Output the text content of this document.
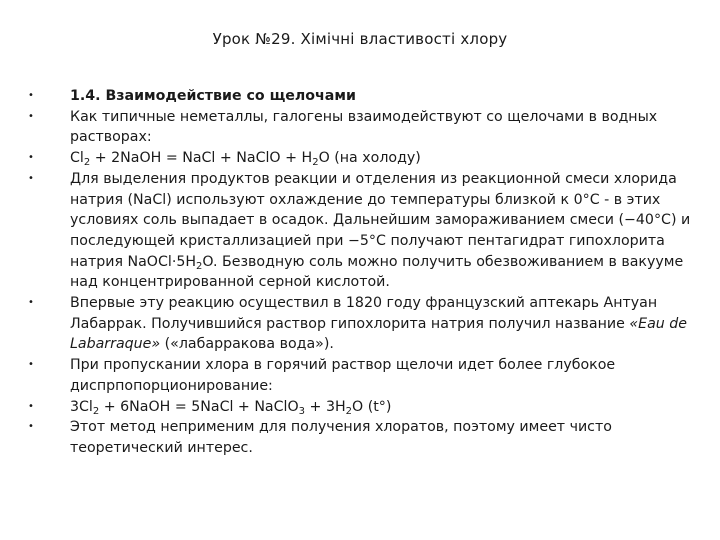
Урок №29. Хімічні властивості хлору
•	1.4. Взаимодействие со щелочами
•	Как типичные неметаллы, галогены взаимодействуют со щелочами в водных растворах:
•	$Cl_2$ + 2NaOH = NaCl + NaClO + $H_2O$ (на холоду)
•	Для выделения продуктов реакции и отделения из реакционной смеси хлорида натрия (NaCl) используют охлаждение до температуры близкой к 0°C - в этих условиях соль выпадает в осадок. Дальнейшим замораживанием смеси (−40°C) и последующей кристаллизацией при −5°C получают пентагидрат гипохлорита натрия $NaOCl\cdot 5H_2O$. Безводную соль можно получить обезвоживанием в вакууме над концентрированной серной кислотой.
•	Впервые эту реакцию осуществил в 1820 году французский аптекарь Антуан Лабаррак. Получившийся раствор гипохлорита натрия получил название «Eau de Labarraque» («лабарракова вода»).
•	При пропускании хлора в горячий раствор щелочи идет более глубокое диспрпопорционирование:
•	$3Cl_2$ + 6NaOH = 5NaCl + NaClO$_3$ + $3H_2O$ (t°)
•	Этот метод неприменим для получения хлоратов, поэтому имеет чисто теоретический интерес.
